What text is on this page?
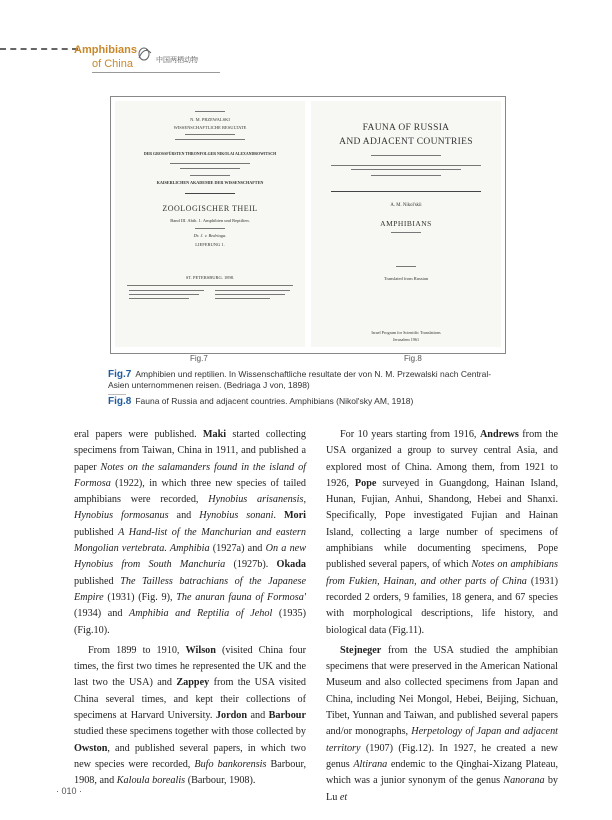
Amphibians
of China	中国两栖动物
N. M. PRZEWALSKI
WISSENSCHAFTLICHE RESULTATE
DER GROSSFÜRSTEN THRONFOLGER NIKOLAI ALEXANDROWITSCH
KAISERLICHEN AKADEMIE DER WISSENSCHAFTEN
ZOOLOGISCHER THEIL
Band III. Abth. 1. Amphibien und Reptilien.
Dr. J. v. Bedriaga.
LIEFERUNG 1.
ST. PETERSBURG. 1898.
FAUNA OF RUSSIA
AND ADJACENT COUNTRIES
A. M. Nikol'skii
AMPHIBIANS
Translated from Russian
Israel Program for Scientific Translations
Jerusalem 1961
Fig.7	Fig.8
Fig.7 Amphibien und reptilien. In Wissenschaftliche resultate der von N. M. Przewalski nach Central-Asien unternommenen reisen. (Bedriaga J von, 1898)
Fig.8 Fauna of Russia and adjacent countries. Amphibians (Nikol'sky AM, 1918)

eral papers were published. Maki started collecting specimens from Taiwan, China in 1911, and published a paper Notes on the salamanders found in the island of Formosa (1922), in which three new species of tailed amphibians were recorded, Hynobius arisanensis, Hynobius formosanus and Hynobius sonani. Mori published A Hand-list of the Manchurian and eastern Mongolian vertebrata. Amphibia (1927a) and On a new Hynobius from South Manchuria (1927b). Okada published The Tailless batrachians of the Japanese Empire (1931) (Fig. 9), The anuran fauna of Formosa' (1934) and Amphibia and Reptilia of Jehol (1935) (Fig.10).

From 1899 to 1910, Wilson (visited China four times, the first two times he represented the UK and the last two the USA) and Zappey from the USA visited China several times, and kept their collections of specimens at Harvard University. Jordon and Barbour studied these specimens together with those collected by Owston, and published several papers, in which two new species were recorded, Bufo bankorensis Barbour, 1908, and Kaloula borealis (Barbour, 1908).

For 10 years starting from 1916, Andrews from the USA organized a group to survey central Asia, and explored most of China. Among them, from 1921 to 1926, Pope surveyed in Guangdong, Hainan Island, Hunan, Fujian, Anhui, Shandong, Hebei and Shanxi. Specifically, Pope investigated Fujian and Hainan Island, collecting a large number of specimens of amphibians while documenting specimens, Pope published several papers, of which Notes on amphibians from Fukien, Hainan, and other parts of China (1931) recorded 2 orders, 9 families, 18 genera, and 67 species with morphological descriptions, life history, and biological data (Fig.11).

Stejneger from the USA studied the amphibian specimens that were preserved in the American National Museum and also collected specimens from Japan and China, including Nei Mongol, Hebei, Beijing, Sichuan, Tibet, Yunnan and Taiwan, and published several papers and/or monographs, Herpetology of Japan and adjacent territory (1907) (Fig.12). In 1927, he created a new genus Altirana endemic to the Qinghai-Xizang Plateau, which was a junior synonym of the genus Nanorana by Lu et

· 010 ·
